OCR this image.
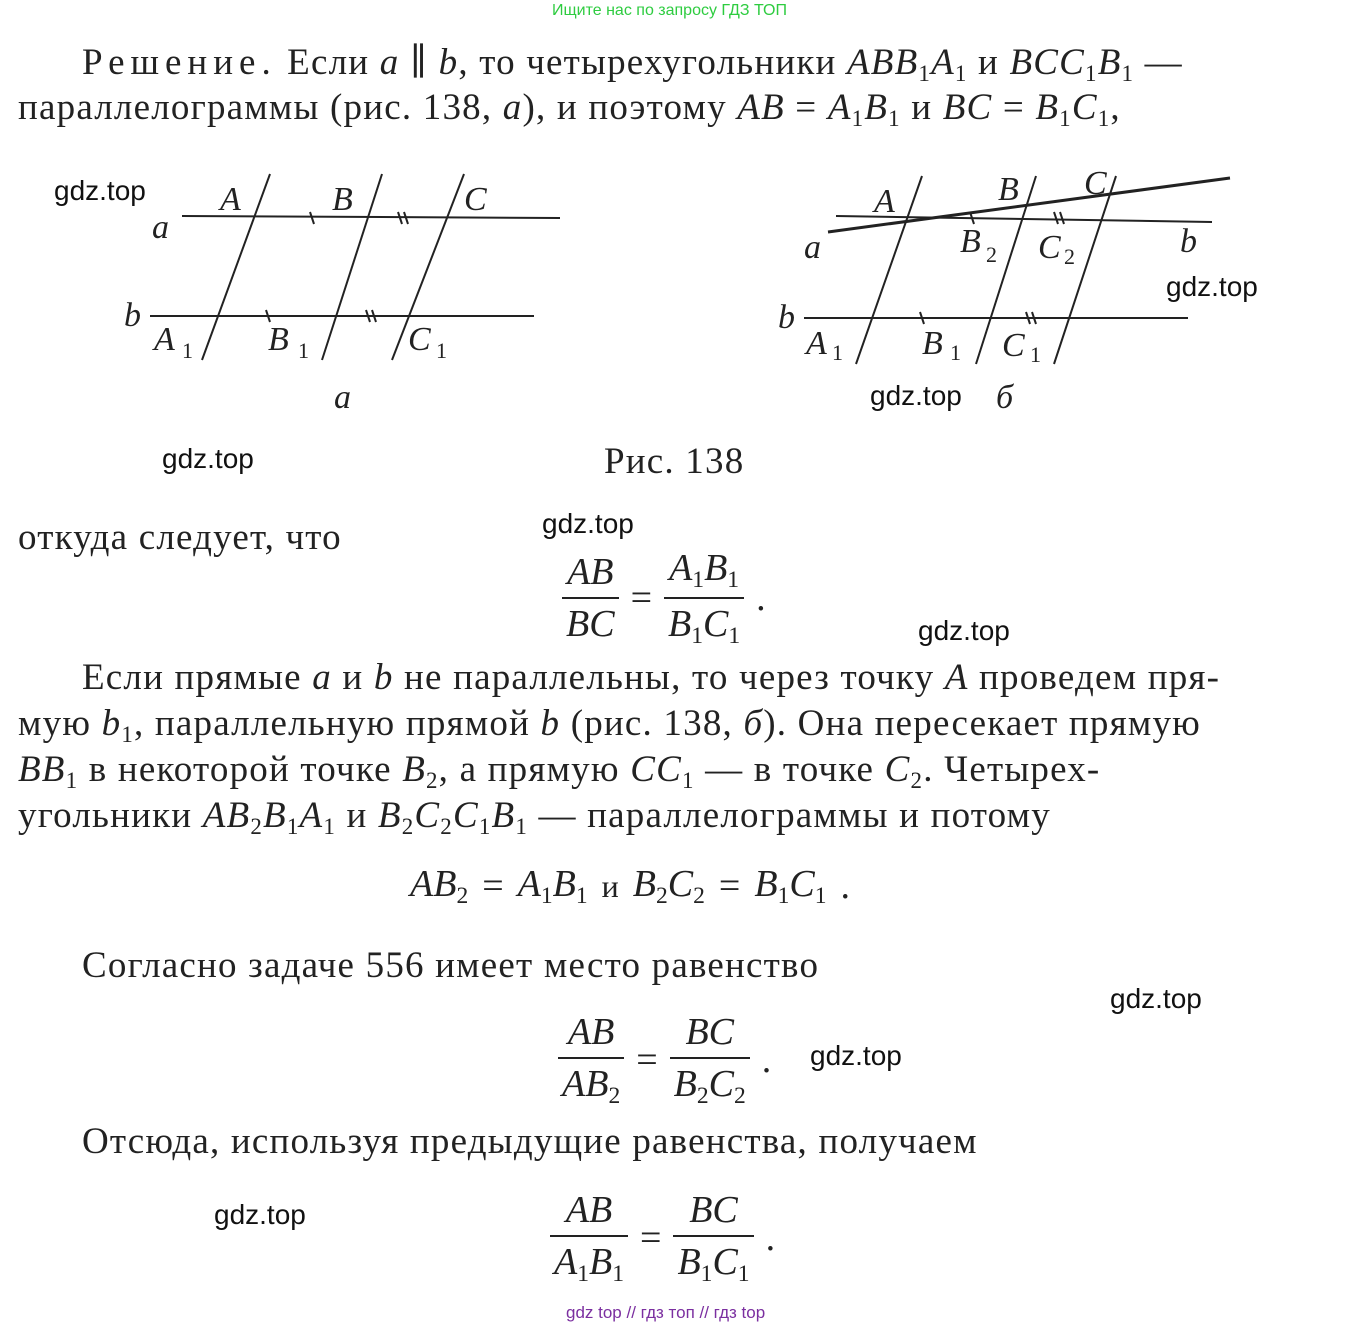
Ищите нас по запросу ГДЗ ТОП
Решение. Если a ∥ b, то четырехугольники $ABB_1A_1$ и $BCC_1B_1$ —
параллелограммы (рис. 138, a), и поэтому AB = $A_1B_1$ и BC = $B_1C_1$,
A	B	C
a
b
A 1 B 1	C 1
a
A	B C
a	b
b
B 2 C 2
A 1 B 1 C 1
б
Рис. 138
откуда следует, что
$\frac{AB}{BC} = \frac{A_1B_1}{B_1C_1}$ .
Если прямые a и b не параллельны, то через точку A проведем пря-
мую $b_1$, параллельную прямой b (рис. 138, б). Она пересекает прямую
$BB_1$ в некоторой точке $B_2$, а прямую $CC_1$ — в точке $C_2$. Четырех-
угольники $AB_2B_1A_1$ и $B_2C_2C_1B_1$ — параллелограммы и потому
$AB_2 = A_1B_1$ и $B_2C_2 = B_1C_1$ .
Согласно задаче 556 имеет место равенство
$\frac{AB}{AB_2} = \frac{BC}{B_2C_2}$ .
Отсюда, используя предыдущие равенства, получаем
$\frac{AB}{A_1B_1} = \frac{BC}{B_1C_1}$ .
gdz.top
gdz.top
gdz.top
gdz.top
gdz.top
gdz.top
gdz.top
gdz.top
gdz.top
gdz top // гдз топ // гдз top
